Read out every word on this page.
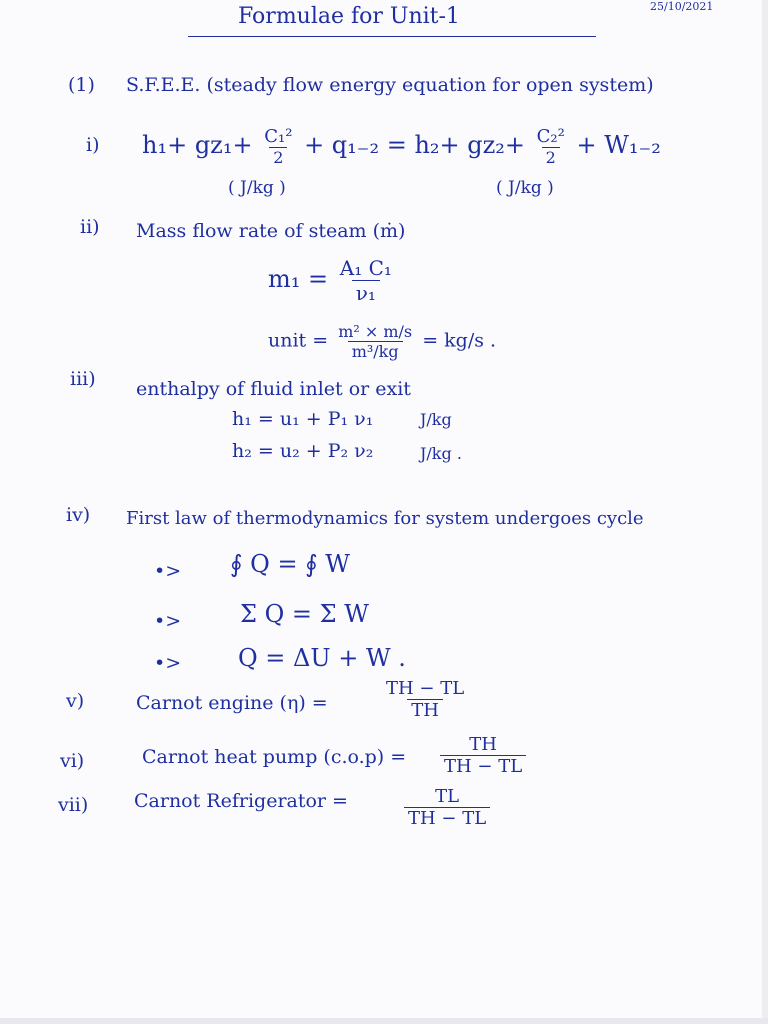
Formulae for Unit-1	25/10/2021
(1) S.F.E.E. (steady flow energy equation for open system)
i) $h_1+ gz_1+ \frac{\text{C₁²}}{2} + q_{1-2} = h_2+ gz_2+ \frac{\text{C₂²}}{2} + W_{1-2}$
( J/kg )	( J/kg )
ii) Mass flow rate of steam (ṁ)
$m_1 = \frac{\text{A₁ C₁}}{\text{ν₁}}$
unit = $\frac{\text{m² × m/s}}{\text{m³/kg}} = kg/s$ .
iii) enthalpy of fluid inlet or exit
h₁ = u₁ + P₁ ν₁	J/kg
h₂ = u₂ + P₂ ν₂	J/kg .
iv) First law of thermodynamics for system undergoes cycle
•> ∮ Q = ∮ W
•> Σ Q = Σ W
•> Q = ΔU + W .
v)	Carnot engine (η) =	$\frac{TH - TL}{TH}$
vi)	Carnot heat pump $(c.o.p) = \frac{TH}{TH - TL}$
vii) Carnot Refrigerator =	$\frac{TL}{TH - TL}$
